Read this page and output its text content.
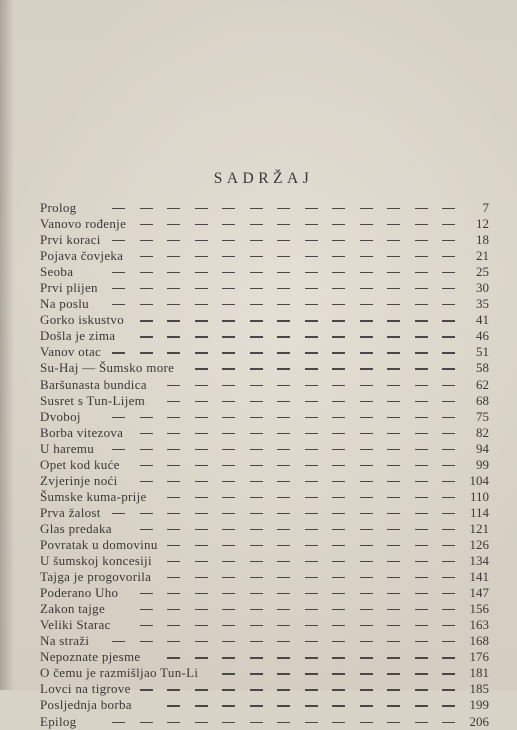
SADRŽAJ
Prolog	7
Vanovo rođenje	12
Prvi koraci	18
Pojava čovjeka	21
Seoba	25
Prvi plijen	30
Na poslu	35
Gorko iskustvo	41
Došla je zima	46
Vanov otac	51
Su-Haj — Šumsko more	58
Baršunasta bundica	62
Susret s Tun-Lijem	68
Dvoboj	75
Borba vitezova	82
U haremu	94
Opet kod kuće	99
Zvjerinje noći	104
Šumske kuma-prije	110
Prva žalost	114
Glas predaka	121
Povratak u domovinu	126
U šumskoj koncesiji	134
Tajga je progovorila	141
Poderano Uho	147
Zakon tajge	156
Veliki Starac	163
Na straži	168
Nepoznate pjesme	176
O čemu je razmišljao Tun-Li	181
Lovci na tigrove	185
Posljednja borba	199
Epilog	206
